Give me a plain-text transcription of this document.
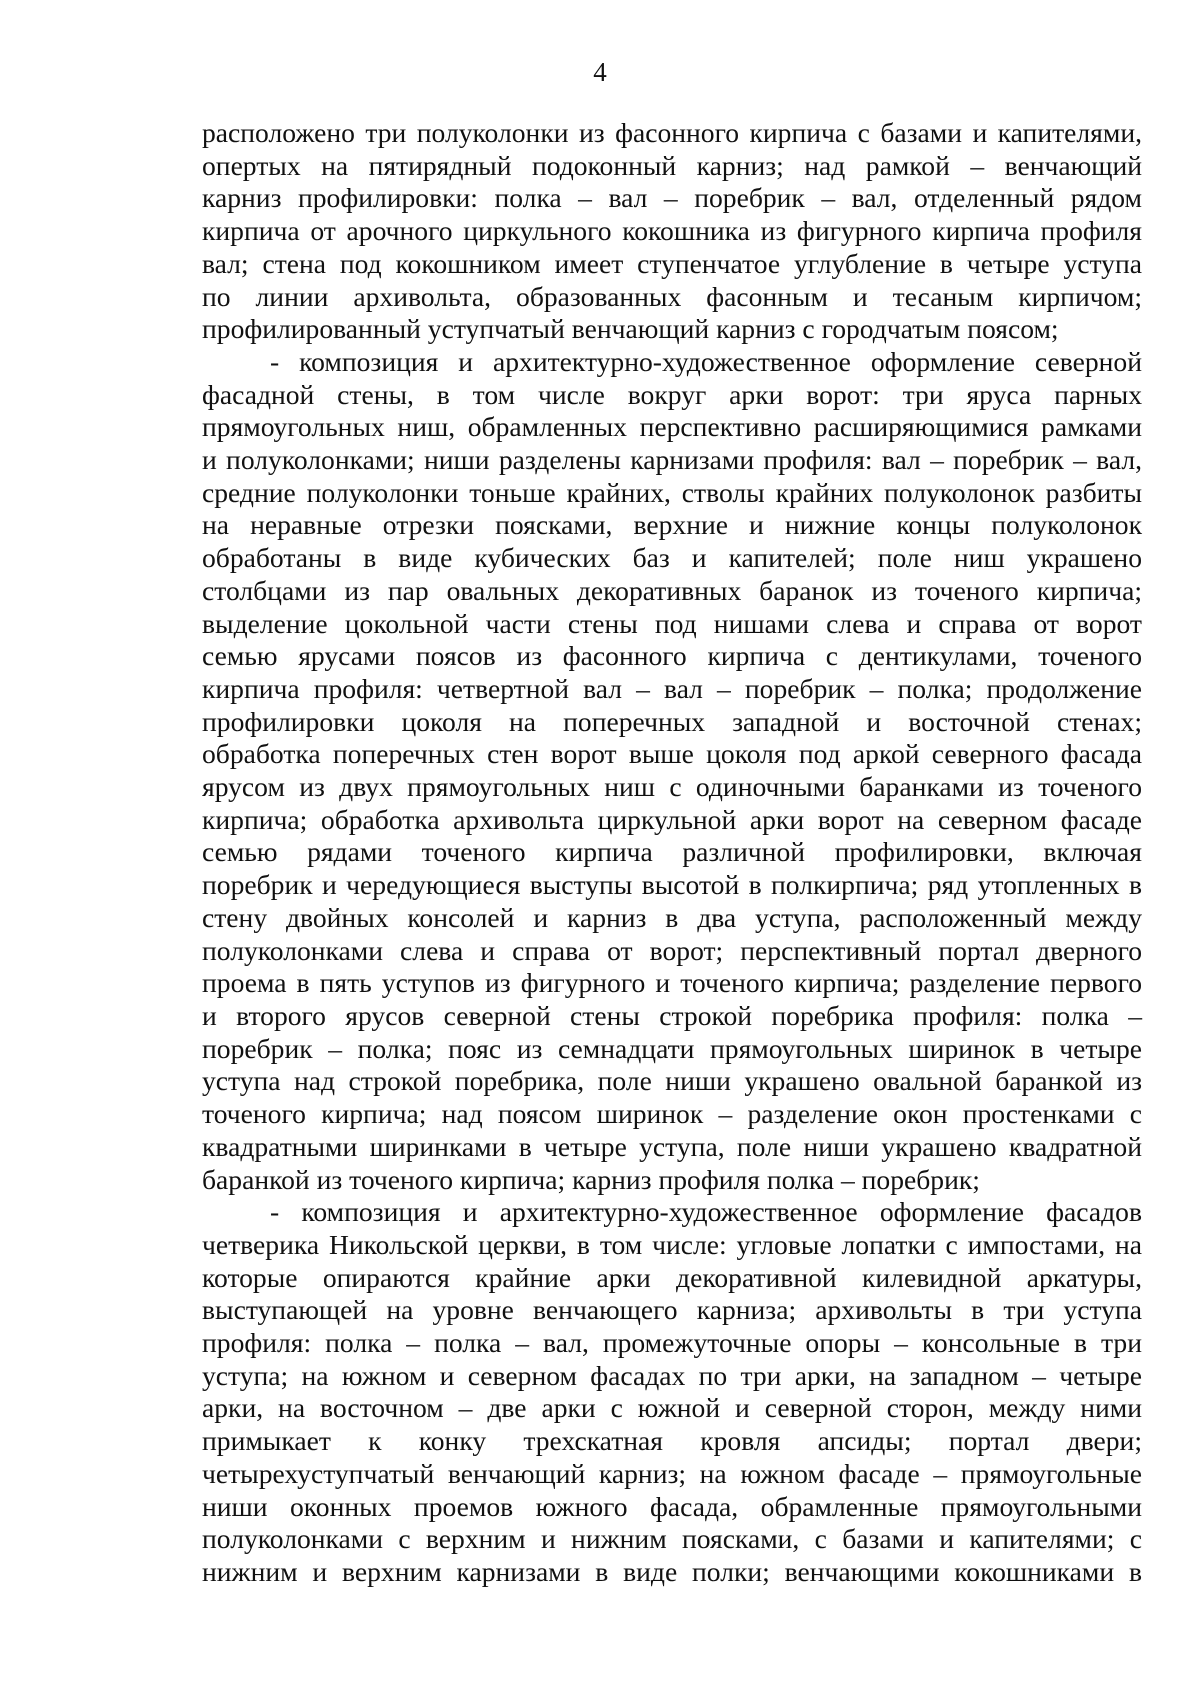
4
расположено три полуколонки из фасонного кирпича с базами и капителями,
опертых на пятирядный подоконный карниз; над рамкой – венчающий
карниз профилировки: полка – вал – поребрик – вал, отделенный рядом
кирпича от арочного циркульного кокошника из фигурного кирпича профиля
вал; стена под кокошником имеет ступенчатое углубление в четыре уступа
по линии архивольта, образованных фасонным и тесаным кирпичом;
профилированный уступчатый венчающий карниз с городчатым поясом;
- композиция и архитектурно-художественное оформление северной
фасадной стены, в том числе вокруг арки ворот: три яруса парных
прямоугольных ниш, обрамленных перспективно расширяющимися рамками
и полуколонками; ниши разделены карнизами профиля: вал – поребрик – вал,
средние полуколонки тоньше крайних, стволы крайних полуколонок разбиты
на неравные отрезки поясками, верхние и нижние концы полуколонок
обработаны в виде кубических баз и капителей; поле ниш украшено
столбцами из пар овальных декоративных баранок из точеного кирпича;
выделение цокольной части стены под нишами слева и справа от ворот
семью ярусами поясов из фасонного кирпича с дентикулами, точеного
кирпича профиля: четвертной вал – вал – поребрик – полка; продолжение
профилировки цоколя на поперечных западной и восточной стенах;
обработка поперечных стен ворот выше цоколя под аркой северного фасада
ярусом из двух прямоугольных ниш с одиночными баранками из точеного
кирпича; обработка архивольта циркульной арки ворот на северном фасаде
семью рядами точеного кирпича различной профилировки, включая
поребрик и чередующиеся выступы высотой в полкирпича; ряд утопленных в
стену двойных консолей и карниз в два уступа, расположенный между
полуколонками слева и справа от ворот; перспективный портал дверного
проема в пять уступов из фигурного и точеного кирпича; разделение первого
и второго ярусов северной стены строкой поребрика профиля: полка –
поребрик – полка; пояс из семнадцати прямоугольных ширинок в четыре
уступа над строкой поребрика, поле ниши украшено овальной баранкой из
точеного кирпича; над поясом ширинок – разделение окон простенками с
квадратными ширинками в четыре уступа, поле ниши украшено квадратной
баранкой из точеного кирпича; карниз профиля полка – поребрик;
- композиция и архитектурно-художественное оформление фасадов
четверика Никольской церкви, в том числе: угловые лопатки с импостами, на
которые опираются крайние арки декоративной килевидной аркатуры,
выступающей на уровне венчающего карниза; архивольты в три уступа
профиля: полка – полка – вал, промежуточные опоры – консольные в три
уступа; на южном и северном фасадах по три арки, на западном – четыре
арки, на восточном – две арки с южной и северной сторон, между ними
примыкает к конку трехскатная кровля апсиды; портал двери;
четырехуступчатый венчающий карниз; на южном фасаде – прямоугольные
ниши оконных проемов южного фасада, обрамленные прямоугольными
полуколонками с верхним и нижним поясками, с базами и капителями; с
нижним и верхним карнизами в виде полки; венчающими кокошниками в
